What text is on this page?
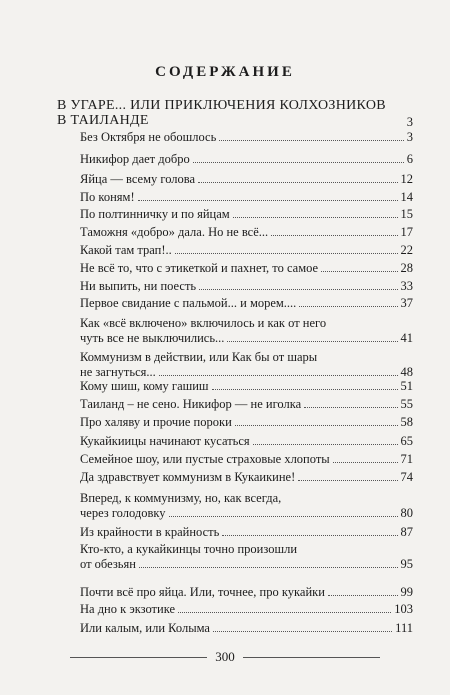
СОДЕРЖАНИЕ
В УГАРЕ... ИЛИ ПРИКЛЮЧЕНИЯ КОЛХОЗНИКОВ
В ТАИЛАНДЕ	3
Без Октября не обошлось	3
Никифор дает добро	6
Яйца — всему голова	12
По коням!	14
По полтинничку и по яйцам	15
Таможня «добро» дала. Но не всё...	17
Какой там трап!..	22
Не всё то, что с этикеткой и пахнет, то самое	28
Ни выпить, ни поесть	33
Первое свидание с пальмой... и морем....	37
Как «всё включено» включилось и как от него
чуть все не выключились...	41
Коммунизм в действии, или Как бы от шары
не загнуться...	48
Кому шиш, кому гашиш	51
Таиланд – не сено. Никифор — не иголка	55
Про халяву и прочие пороки	58
Кукайкиицы начинают кусаться	65
Семейное шоу, или пустые страховые хлопоты	71
Да здравствует коммунизм в Кукаикине!	74
Вперед, к коммунизму, но, как всегда,
через голодовку	80
Из крайности в крайность	87
Кто-кто, а кукайкинцы точно произошли
от обезьян	95
Почти всё про яйца. Или, точнее, про кукайки	99
На дно к экзотике	103
Или калым, или Колыма	111
300
